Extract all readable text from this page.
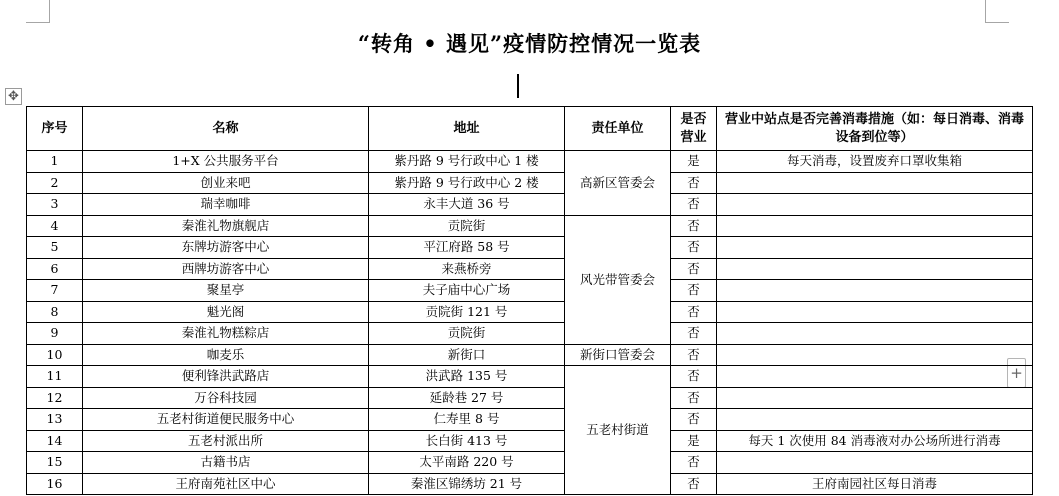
“转角 • 遇见”疫情防控情况一览表
✥
+
序号	名称	地址	责任单位	是否营业	营业中站点是否完善消毒措施（如：每日消毒、消毒设备到位等）
1	1+X 公共服务平台	紫丹路 9 号行政中心 1 楼	高新区管委会	是	每天消毒，设置废弃口罩收集箱
2	创业来吧	紫丹路 9 号行政中心 2 楼		否	
3	瑞幸咖啡	永丰大道 36 号		否	
4	秦淮礼物旗舰店	贡院街	风光带管委会	否	
5	东牌坊游客中心	平江府路 58 号		否	
6	西牌坊游客中心	来燕桥旁		否	
7	聚星亭	夫子庙中心广场		否	
8	魁光阁	贡院街 121 号		否	
9	秦淮礼物糕粽店	贡院街		否	
10	咖麦乐	新街口	新街口管委会	否	
11	便利锋洪武路店	洪武路 135 号	五老村街道	否	
12	万谷科技园	延龄巷 27 号		否	
13	五老村街道便民服务中心	仁寿里 8 号		否	
14	五老村派出所	长白街 413 号		是	每天 1 次使用 84 消毒液对办公场所进行消毒
15	古籍书店	太平南路 220 号		否	
16	王府南苑社区中心	秦淮区锦绣坊 21 号		否	王府南园社区每日消毒
